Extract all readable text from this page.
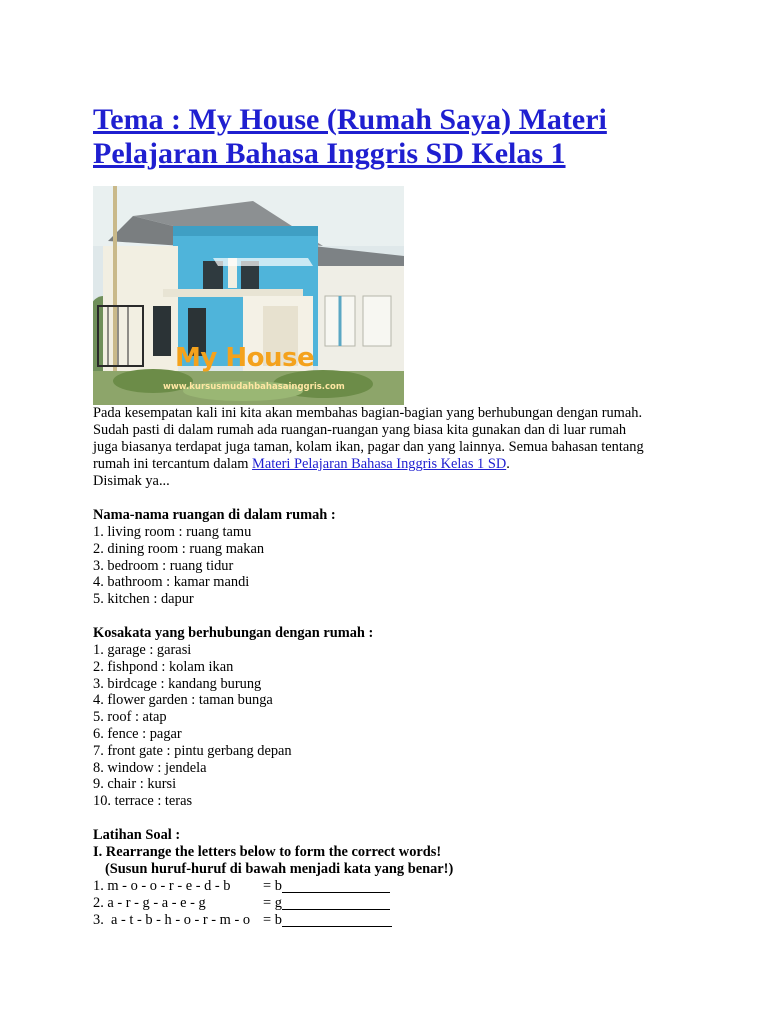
Tema : My House (Rumah Saya) Materi Pelajaran Bahasa Inggris SD Kelas 1
My House
www.kursusmudahbahasainggris.com
Pada kesempatan kali ini kita akan membahas bagian-bagian yang berhubungan dengan rumah. Sudah pasti di dalam rumah ada ruangan-ruangan yang biasa kita gunakan dan di luar rumah juga biasanya terdapat juga taman, kolam ikan, pagar dan yang lainnya. Semua bahasan tentang rumah ini tercantum dalam Materi Pelajaran Bahasa Inggris Kelas 1 SD.
Disimak ya...
Nama-nama ruangan di dalam rumah :
1. living room : ruang tamu
2. dining room : ruang makan
3. bedroom : ruang tidur
4. bathroom : kamar mandi
5. kitchen : dapur
Kosakata yang berhubungan dengan rumah :
1. garage : garasi
2. fishpond : kolam ikan
3. birdcage : kandang burung
4. flower garden : taman bunga
5. roof : atap
6. fence : pagar
7. front gate : pintu gerbang depan
8. window : jendela
9. chair : kursi
10. terrace : teras
Latihan Soal :
I. Rearrange the letters below to form the correct words!
(Susun huruf-huruf di bawah menjadi kata yang benar!)
1. m - o - o - r - e - d - b	= b
2. a - r - g - a - e - g	= g
3.  a - t - b - h - o - r - m - o = b
